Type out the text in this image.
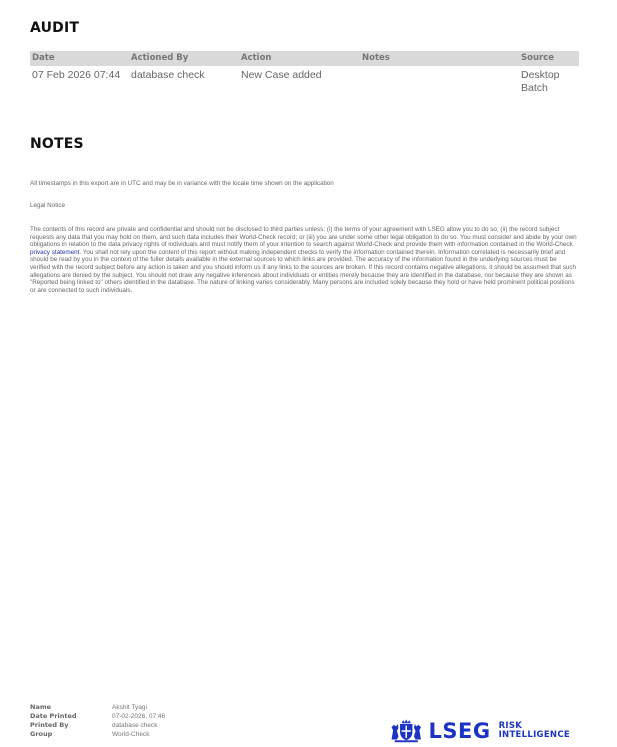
AUDIT
Date	Actioned By	Action	Notes	Source
07 Feb 2026 07:44	database check	New Case added		Desktop
Batch
NOTES

All timestamps in this export are in UTC and may be in variance with the locale time shown on the application

Legal Notice

The contents of this record are private and confidential and should not be disclosed to third parties unless: (i) the terms of your agreement with LSEG allow you to do so; (ii) the record subject requests any data that you may hold on them, and such data includes their World-Check record; or (iii) you are under some other legal obligation to do so. You must consider and abide by your own obligations in relation to the data privacy rights of individuals and must notify them of your intention to search against World-Check and provide them with information contained in the World-Check privacy statement. You shall not rely upon the content of this report without making independent checks to verify the information contained therein. Information correlated is necessarily brief and should be read by you in the context of the fuller details available in the external sources to which links are provided. The accuracy of the information found in the underlying sources must be verified with the record subject before any action is taken and you should inform us if any links to the sources are broken. If this record contains negative allegations, it should be assumed that such allegations are denied by the subject. You should not draw any negative inferences about individuals or entities merely because they are identified in the database, nor because they are shown as "Reported being linked to" others identified in the database. The nature of linking varies considerably. Many persons are included solely because they hold or have held prominent political positions or are connected to such individuals.

Name	Akshit Tyagi
Date Printed	07-02-2026, 07:46
Printed By	database check
Group	World-Check	LSEG RISK
INTELLIGENCE
